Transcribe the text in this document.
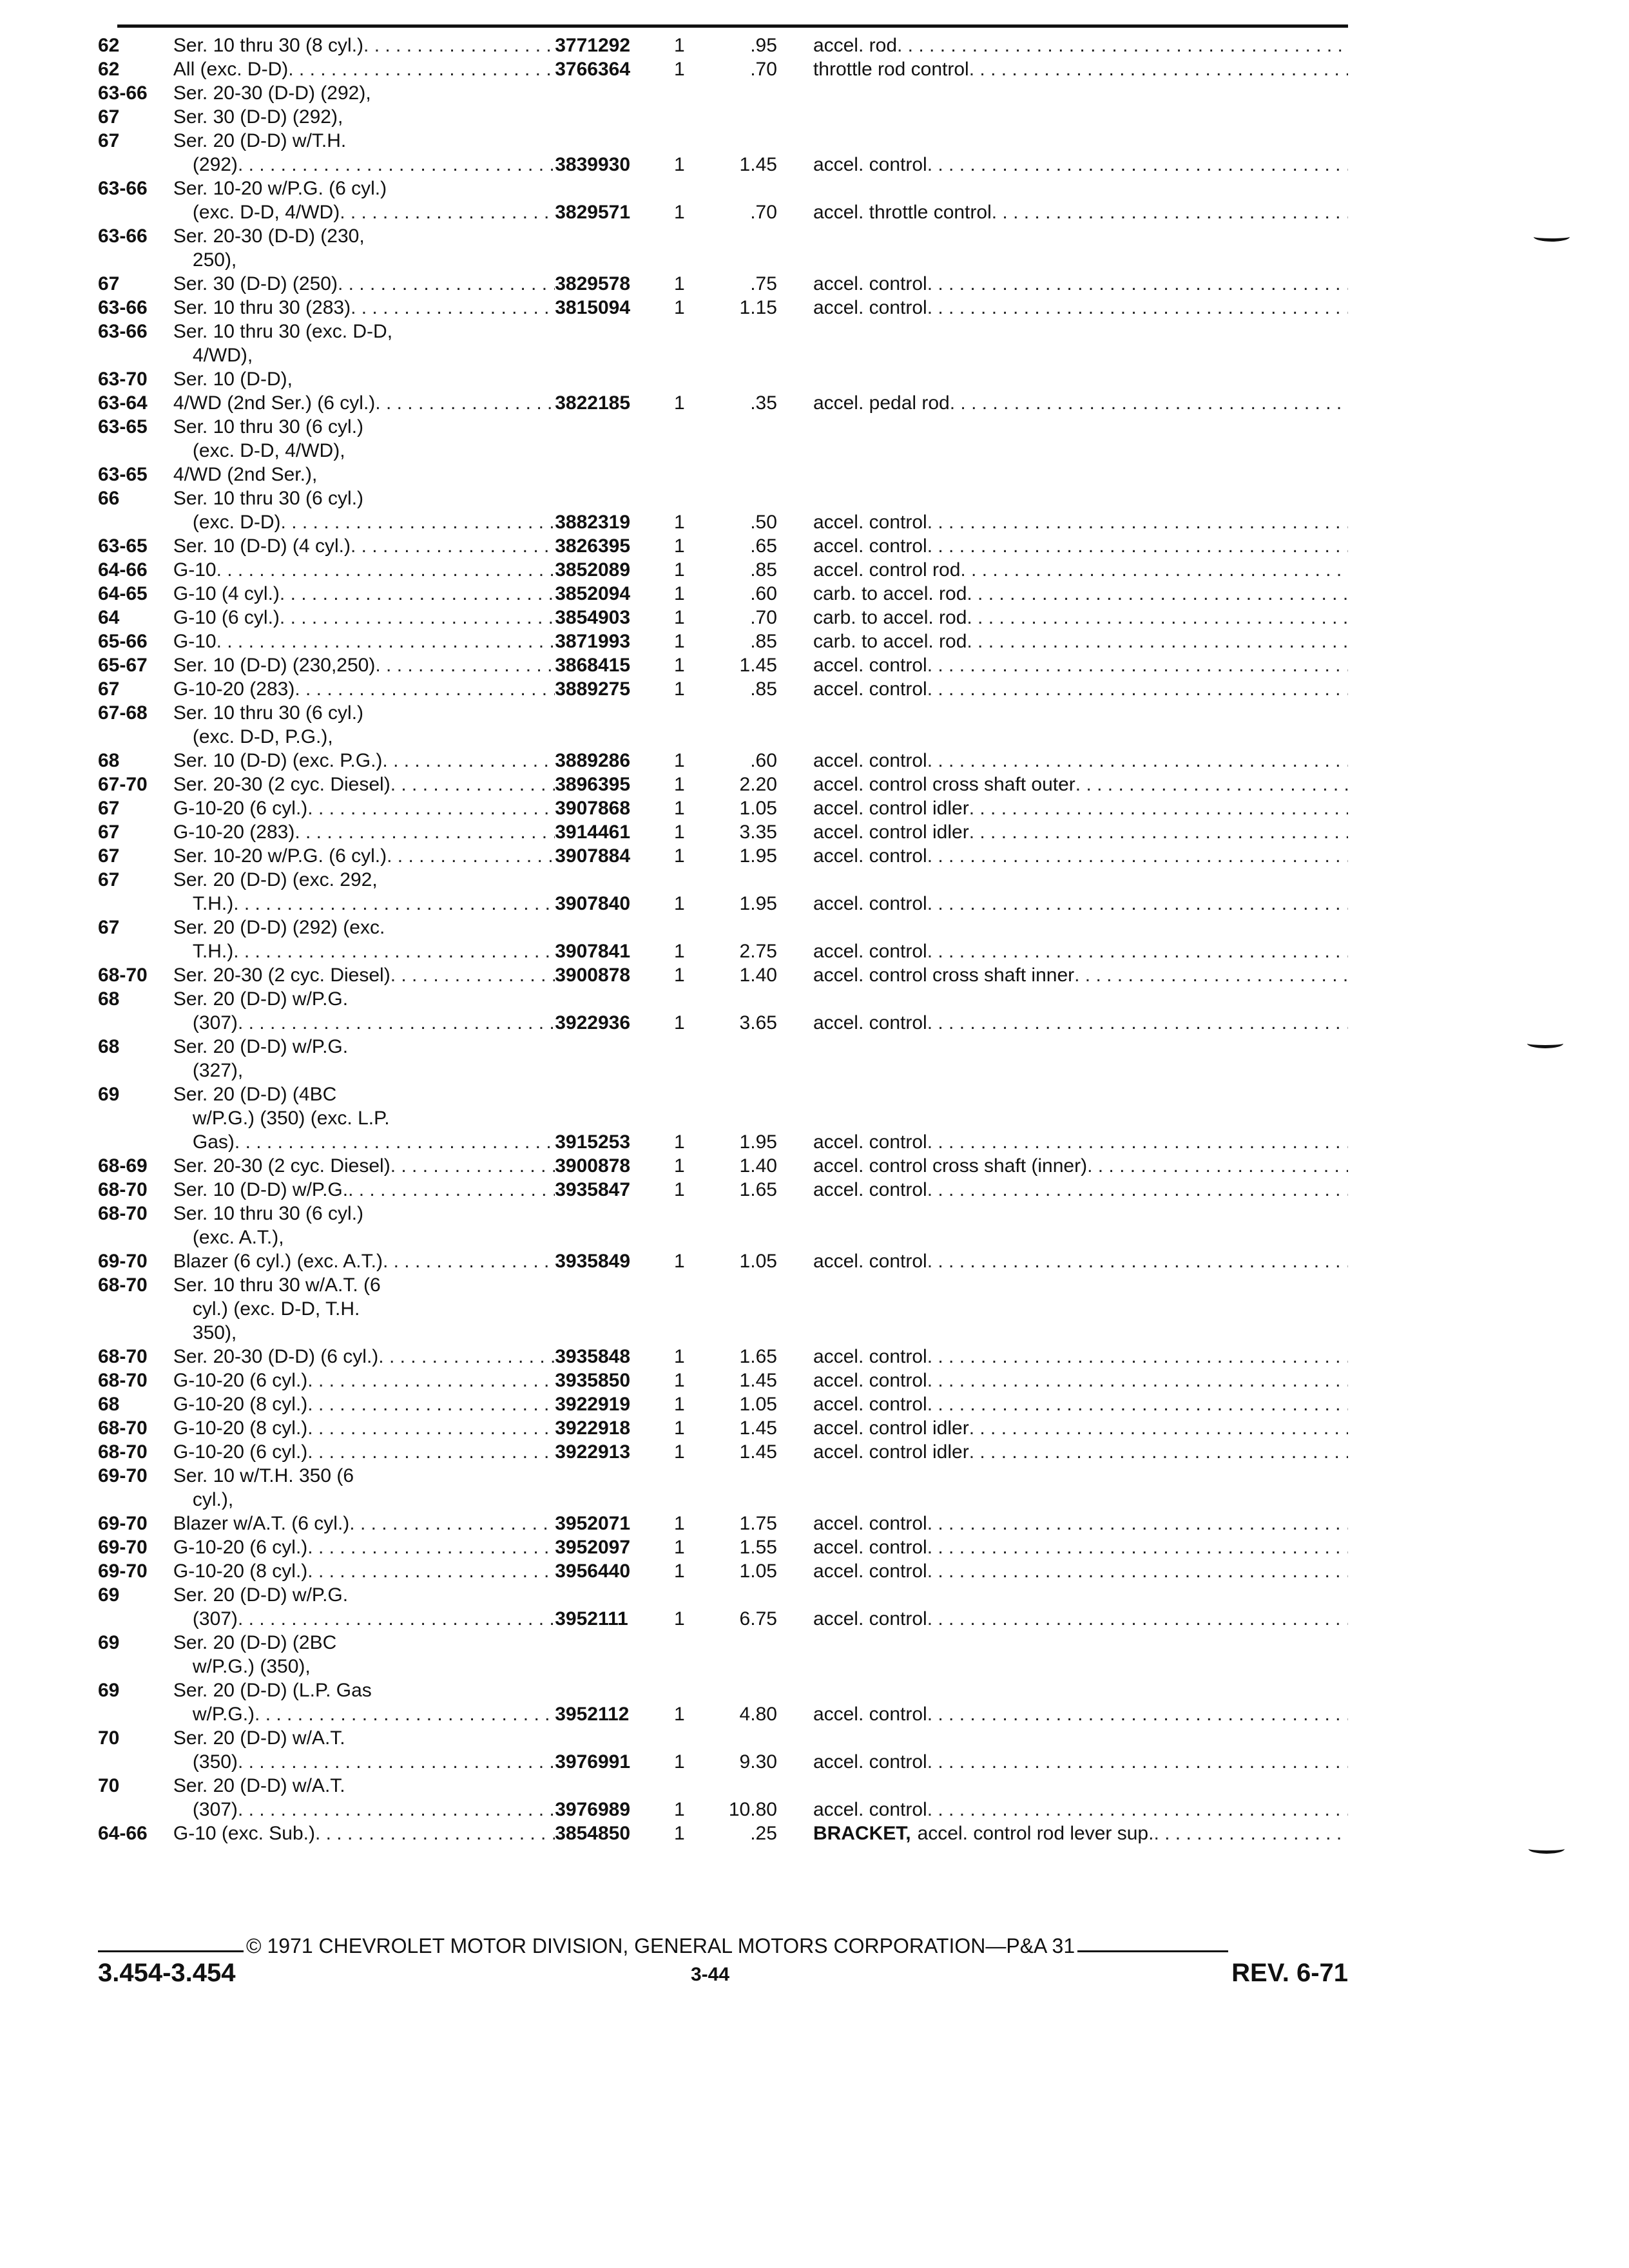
62	Ser. 10 thru 30 (8 cyl.) . . .	3771292	1	.95	accel. rod
. . .
62	All (exc. D-D) . . .	3766364	1	.70	throttle rod control
. . .
63-66	Ser. 20-30 (D-D) (292),
67	Ser. 30 (D-D) (292),
67	Ser. 20 (D-D) w/T.H.
(292) . . .	3839930	1	1.45	accel. control
. . .
63-66	Ser. 10-20 w/P.G. (6 cyl.)
(exc. D-D, 4/WD) . . .	3829571	1	.70	accel. throttle control
. . .
63-66	Ser. 20-30 (D-D) (230,
250),
67	Ser. 30 (D-D) (250) . . .	3829578	1	.75	accel. control
. . .
63-66	Ser. 10 thru 30 (283) . . .	3815094	1	1.15	accel. control
. . .
63-66	Ser. 10 thru 30 (exc. D-D,
4/WD),
63-70	Ser. 10 (D-D),
63-64	4/WD (2nd Ser.) (6 cyl.) . . .	3822185	1	.35	accel. pedal rod
. . .
63-65	Ser. 10 thru 30 (6 cyl.)
(exc. D-D, 4/WD),
63-65	4/WD (2nd Ser.),
66	Ser. 10 thru 30 (6 cyl.)
(exc. D-D) . . .	3882319	1	.50	accel. control
. . .
63-65	Ser. 10 (D-D) (4 cyl.) . . .	3826395	1	.65	accel. control
. . .
64-66	G-10 . . .	3852089	1	.85	accel. control rod
. . .
64-65	G-10 (4 cyl.) . . .	3852094	1	.60	carb. to accel. rod
. . .
64	G-10 (6 cyl.) . . .	3854903	1	.70	carb. to accel. rod
. . .
65-66	G-10 . . .	3871993	1	.85	carb. to accel. rod
. . .
65-67	Ser. 10 (D-D) (230,250) . . .	3868415	1	1.45	accel. control
. . .
67	G-10-20 (283) . . .	3889275	1	.85	accel. control
. . .
67-68	Ser. 10 thru 30 (6 cyl.)
(exc. D-D, P.G.),
68	Ser. 10 (D-D) (exc. P.G.) . . .	3889286	1	.60	accel. control
. . .
67-70	Ser. 20-30 (2 cyc. Diesel) . . .	3896395	1	2.20	accel. control cross shaft outer
. . .
67	G-10-20 (6 cyl.) . . .	3907868	1	1.05	accel. control idler
. . .
67	G-10-20 (283) . . .	3914461	1	3.35	accel. control idler
. . .
67	Ser. 10-20 w/P.G. (6 cyl.) . . .	3907884	1	1.95	accel. control
. . .
67	Ser. 20 (D-D) (exc. 292,
T.H.) . . .	3907840	1	1.95	accel. control
. . .
67	Ser. 20 (D-D) (292) (exc.
T.H.) . . .	3907841	1	2.75	accel. control
. . .
68-70	Ser. 20-30 (2 cyc. Diesel) . . .	3900878	1	1.40	accel. control cross shaft inner
. . .
68	Ser. 20 (D-D) w/P.G.
(307) . . .	3922936	1	3.65	accel. control
. . .
68	Ser. 20 (D-D) w/P.G.
(327),
69	Ser. 20 (D-D) (4BC
w/P.G.) (350) (exc. L.P.
Gas) . . .	3915253	1	1.95	accel. control
. . .
68-69	Ser. 20-30 (2 cyc. Diesel) . . .	3900878	1	1.40	accel. control cross shaft (inner)
. . .
68-70	Ser. 10 (D-D) w/P.G. . . .	3935847	1	1.65	accel. control
. . .
68-70	Ser. 10 thru 30 (6 cyl.)
(exc. A.T.),
69-70	Blazer (6 cyl.) (exc. A.T.) . . .	3935849	1	1.05	accel. control
. . .
68-70	Ser. 10 thru 30 w/A.T. (6
cyl.) (exc. D-D, T.H.
350),
68-70	Ser. 20-30 (D-D) (6 cyl.) . . .	3935848	1	1.65	accel. control
. . .
68-70	G-10-20 (6 cyl.) . . .	3935850	1	1.45	accel. control
. . .
68	G-10-20 (8 cyl.) . . .	3922919	1	1.05	accel. control
. . .
68-70	G-10-20 (8 cyl.) . . .	3922918	1	1.45	accel. control idler
. . .
68-70	G-10-20 (6 cyl.) . . .	3922913	1	1.45	accel. control idler
. . .
69-70	Ser. 10 w/T.H. 350 (6
cyl.),
69-70	Blazer w/A.T. (6 cyl.) . . .	3952071	1	1.75	accel. control
. . .
69-70	G-10-20 (6 cyl.) . . .	3952097	1	1.55	accel. control
. . .
69-70	G-10-20 (8 cyl.) . . .	3956440	1	1.05	accel. control
. . .
69	Ser. 20 (D-D) w/P.G.
(307) . . .	3952111	1	6.75	accel. control
. . .
69	Ser. 20 (D-D) (2BC
w/P.G.) (350),
69	Ser. 20 (D-D) (L.P. Gas
w/P.G.) . . .	3952112	1	4.80	accel. control
. . .
70	Ser. 20 (D-D) w/A.T.
(350) . . .	3976991	1	9.30	accel. control
. . .
70	Ser. 20 (D-D) w/A.T.
(307) . . .	3976989	1	10.80	accel. control
. . .
64-66	G-10 (exc. Sub.) . . .	3854850	1	.25	BRACKET, accel. control rod lever sup.
. . .
© 1971 CHEVROLET MOTOR DIVISION, GENERAL MOTORS CORPORATION—P&A 31
3.454-3.454	3-44	REV. 6-71
